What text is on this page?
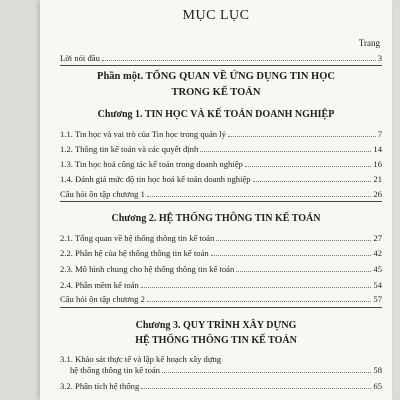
MỤC LỤC
Trang
Lời nói đầu	3
Phần một. TỔNG QUAN VỀ ỨNG DỤNG TIN HỌC
TRONG KẾ TOÁN
Chương 1. TIN HỌC VÀ KẾ TOÁN DOANH NGHIỆP
1.1. Tin học và vai trò của Tin học trong quản lý	7
1.2. Thông tin kế toán và các quyết định	14
1.3. Tin học hoá công tác kế toán trong doanh nghiệp	16
1.4. Đánh giá mức độ tin học hoá kế toán doanh nghiệp	21
Câu hỏi ôn tập chương 1	26
Chương 2. HỆ THỐNG THÔNG TIN KẾ TOÁN
2.1. Tổng quan về hệ thống thông tin kế toán	27
2.2. Phân hệ của hệ thống thông tin kế toán	42
2.3. Mô hình chung cho hệ thống thông tin kế toán	45
2.4. Phần mềm kế toán	54
Câu hỏi ôn tập chương 2	57
Chương 3. QUY TRÌNH XÂY DỰNG
HỆ THỐNG THÔNG TIN KẾ TOÁN
3.1. Khảo sát thực tế và lập kế hoạch xây dựng
hệ thống thông tin kế toán	58
3.2. Phân tích hệ thống	65
